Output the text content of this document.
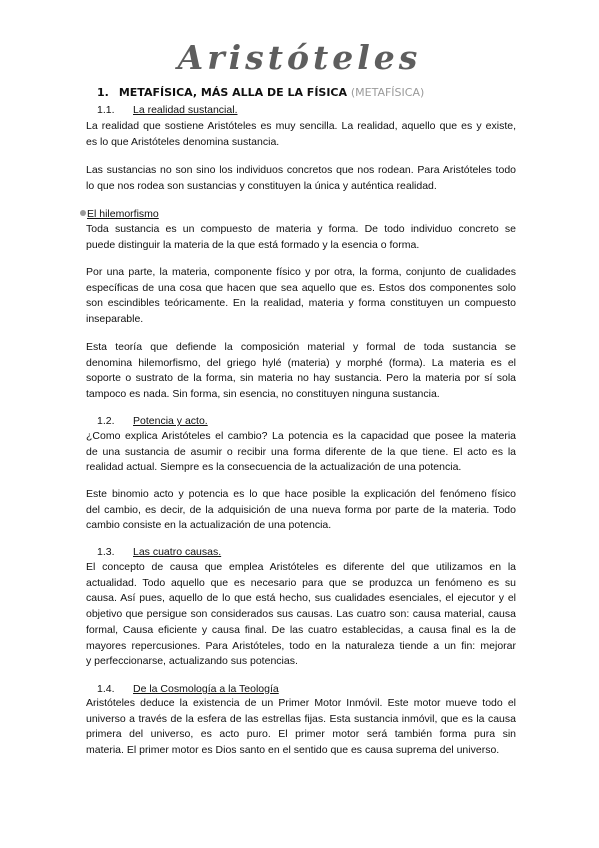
Aristóteles
1. METAFÍSICA, MÁS ALLA DE LA FÍSICA (METAFÍSICA)
1.1. La realidad sustancial.
La realidad que sostiene Aristóteles es muy sencilla. La realidad, aquello que es y existe,
es lo que Aristóteles denomina sustancia.
Las sustancias no son sino los individuos concretos que nos rodean. Para Aristóteles todo
lo que nos rodea son sustancias y constituyen la única y auténtica realidad.
El hilemorfismo
Toda sustancia es un compuesto de materia y forma. De todo individuo concreto se
puede distinguir la materia de la que está formado y la esencia o forma.
Por una parte, la materia, componente físico y por otra, la forma, conjunto de cualidades
específicas de una cosa que hacen que sea aquello que es. Estos dos componentes solo
son escindibles teóricamente. En la realidad, materia y forma constituyen un compuesto
inseparable.
Esta teoría que defiende la composición material y formal de toda sustancia se
denomina hilemorfismo, del griego hylé (materia) y morphé (forma). La materia es el
soporte o sustrato de la forma, sin materia no hay sustancia. Pero la materia por sí sola
tampoco es nada. Sin forma, sin esencia, no constituyen ninguna sustancia.
1.2. Potencia y acto.
¿Como explica Aristóteles el cambio? La potencia es la capacidad que posee la materia
de una sustancia de asumir o recibir una forma diferente de la que tiene. El acto es la
realidad actual. Siempre es la consecuencia de la actualización de una potencia.
Este binomio acto y potencia es lo que hace posible la explicación del fenómeno físico
del cambio, es decir, de la adquisición de una nueva forma por parte de la materia. Todo
cambio consiste en la actualización de una potencia.
1.3. Las cuatro causas.
El concepto de causa que emplea Aristóteles es diferente del que utilizamos en la
actualidad. Todo aquello que es necesario para que se produzca un fenómeno es su
causa. Así pues, aquello de lo que está hecho, sus cualidades esenciales, el ejecutor y el
objetivo que persigue son considerados sus causas. Las cuatro son: causa material, causa
formal, Causa eficiente y causa final. De las cuatro establecidas, a causa final es la de
mayores repercusiones. Para Aristóteles, todo en la naturaleza tiende a un fin: mejorar
y perfeccionarse, actualizando sus potencias.
1.4. De la Cosmología a la Teología
Aristóteles deduce la existencia de un Primer Motor Inmóvil. Este motor mueve todo el
universo a través de la esfera de las estrellas fijas. Esta sustancia inmóvil, que es la causa
primera del universo, es acto puro. El primer motor será también forma pura sin
materia. El primer motor es Dios santo en el sentido que es causa suprema del universo.
